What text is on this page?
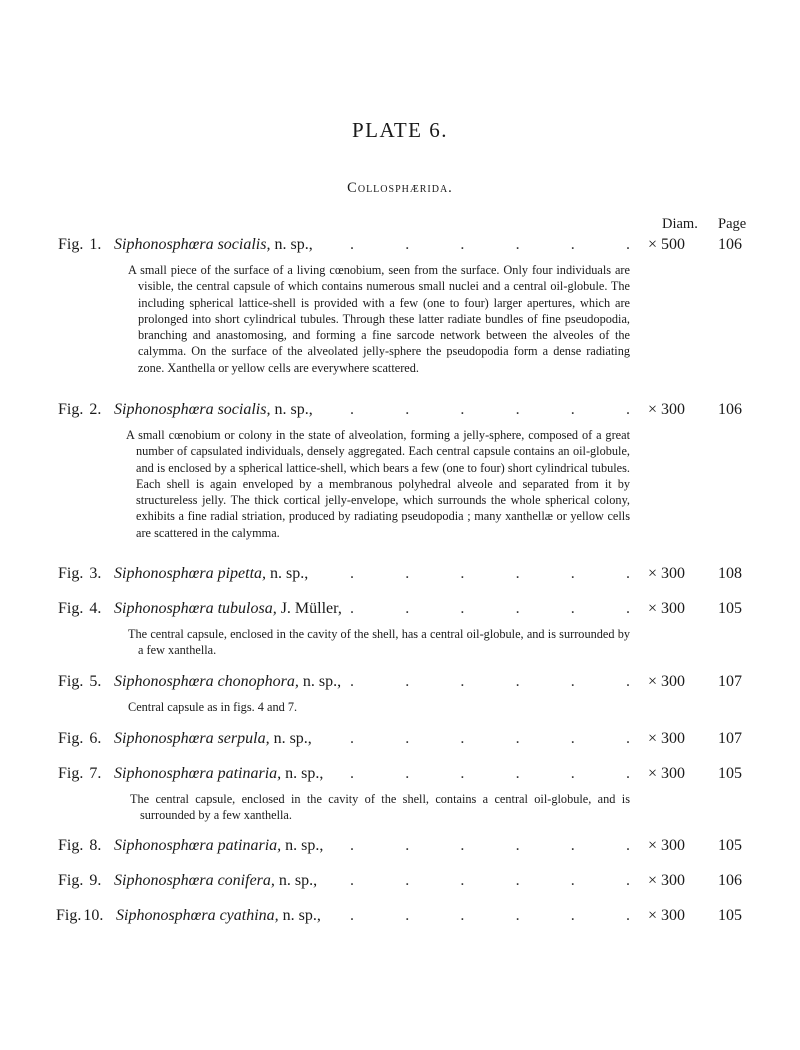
PLATE 6.
Collosphærida.
Diam. Page
Fig. 1. Siphonosphœra socialis, n. sp., .	.	.	.	.	. × 500 106

A small piece of the surface of a living cœnobium, seen from the surface. Only four individuals are visible, the central capsule of which contains numerous small nuclei and a central oil-globule. The including spherical lattice-shell is provided with a few (one to four) larger apertures, which are prolonged into short cylindrical tubules. Through these latter radiate bundles of fine pseudopodia, branching and anastomosing, and forming a fine sarcode network between the alveoles of the calymma. On the surface of the alveolated jelly-sphere the pseudopodia form a dense radiating zone. Xanthella or yellow cells are everywhere scattered.

Fig. 2. Siphonosphœra socialis, n. sp., .	.	.	.	.	. × 300 106

A small cœnobium or colony in the state of alveolation, forming a jelly-sphere, composed of a great number of capsulated individuals, densely aggregated. Each central capsule contains an oil-globule, and is enclosed by a spherical lattice-shell, which bears a few (one to four) short cylindrical tubules. Each shell is again enveloped by a membranous polyhedral alveole and separated from it by structureless jelly. The thick cortical jelly-envelope, which surrounds the whole spherical colony, exhibits a fine radial striation, produced by radiating pseudopodia ; many xanthellæ or yellow cells are scattered in the calymma.

Fig. 3. Siphonosphœra pipetta, n. sp.,	.	.	.	.	.	. × 300 108
Fig. 4. Siphonosphœra tubulosa, J. Müller, .	.	.	.	.	. × 300 105

The central capsule, enclosed in the cavity of the shell, has a central oil-globule, and is surrounded by a few xanthella.

Fig. 5. Siphonosphœra chonophora, n. sp., .	.	.	.	.	. × 300 107

Central capsule as in figs. 4 and 7.

Fig. 6. Siphonosphœra serpula, n. sp., .	.	.	.	.	. × 300 107
Fig. 7. Siphonosphœra patinaria, n. sp., .	.	.	.	.	. × 300 105

The central capsule, enclosed in the cavity of the shell, contains a central oil-globule, and is surrounded by a few xanthella.

Fig. 8. Siphonosphœra patinaria, n. sp., .	.	.	.	.	. × 300 105
Fig. 9. Siphonosphœra conifera, n. sp., .	.	.	.	.	. × 300 106
Fig. 10. Siphonosphœra cyathina, n. sp., .	.	.	.	.	. × 300 105
